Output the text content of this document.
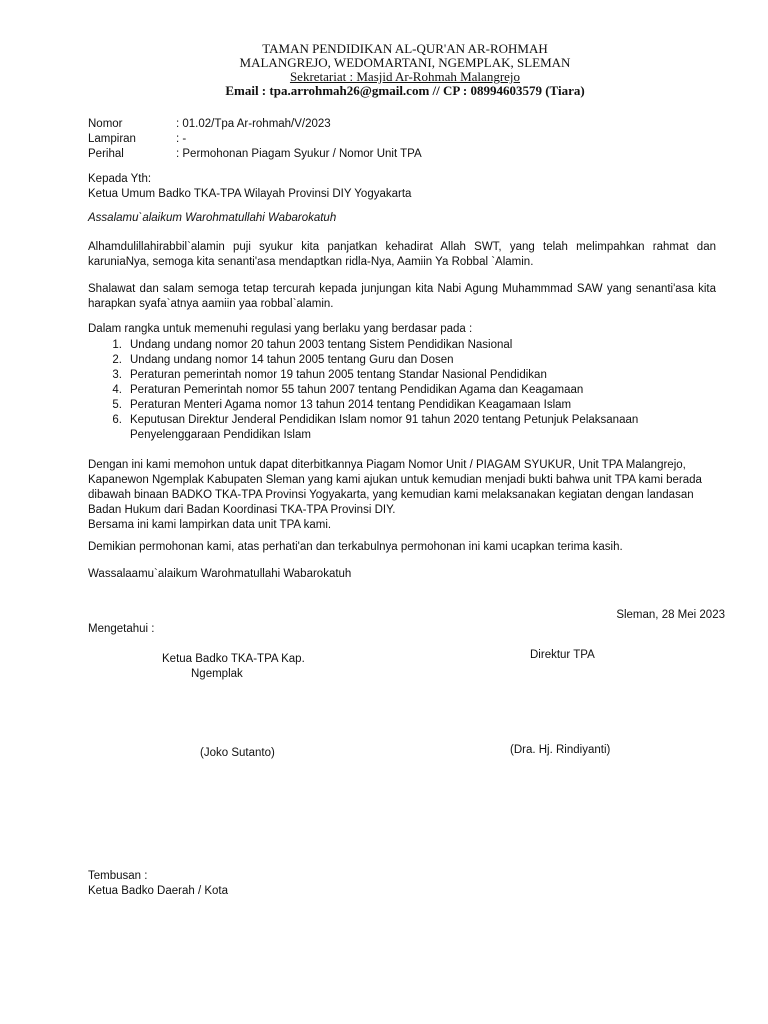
TAMAN PENDIDIKAN AL-QUR'AN AR-ROHMAH
MALANGREJO, WEDOMARTANI, NGEMPLAK, SLEMAN
Sekretariat : Masjid Ar-Rohmah Malangrejo
Email : tpa.arrohmah26@gmail.com // CP : 08994603579 (Tiara)
Nomor	: 01.02/Tpa Ar-rohmah/V/2023
Lampiran	: -
Perihal	: Permohonan Piagam Syukur / Nomor Unit TPA
Kepada Yth:
Ketua Umum Badko TKA-TPA Wilayah Provinsi DIY Yogyakarta
Assalamu`alaikum Warohmatullahi Wabarokatuh
Alhamdulillahirabbil`alamin puji syukur kita panjatkan kehadirat Allah SWT, yang telah melimpahkan rahmat dan karuniaNya, semoga kita senanti'asa mendaptkan ridla-Nya, Aamiin Ya Robbal `Alamin.
Shalawat dan salam semoga tetap tercurah kepada junjungan kita Nabi Agung Muhammmad SAW yang senanti'asa kita harapkan syafa`atnya aamiin yaa robbal`alamin.
Dalam rangka untuk memenuhi regulasi yang berlaku yang berdasar pada :
1. Undang undang nomor 20 tahun 2003 tentang Sistem Pendidikan Nasional
2. Undang undang nomor 14 tahun 2005 tentang Guru dan Dosen
3. Peraturan pemerintah nomor 19 tahun 2005 tentang Standar Nasional Pendidikan
4. Peraturan Pemerintah nomor 55 tahun 2007 tentang Pendidikan Agama dan Keagamaan
5. Peraturan Menteri Agama nomor 13 tahun 2014 tentang Pendidikan Keagamaan Islam
6. Keputusan Direktur Jenderal Pendidikan Islam nomor 91 tahun 2020 tentang Petunjuk Pelaksanaan Penyelenggaraan Pendidikan Islam
Dengan ini kami memohon untuk dapat diterbitkannya Piagam Nomor Unit / PIAGAM SYUKUR, Unit TPA Malangrejo, Kapanewon Ngemplak Kabupaten Sleman yang kami ajukan untuk kemudian menjadi bukti bahwa unit TPA kami berada dibawah binaan BADKO TKA-TPA Provinsi Yogyakarta, yang kemudian kami melaksanakan kegiatan dengan landasan Badan Hukum dari Badan Koordinasi TKA-TPA Provinsi DIY.
Bersama ini kami lampirkan data unit TPA kami.
Demikian permohonan kami, atas perhati'an dan terkabulnya permohonan ini kami ucapkan terima kasih.
Wassalaamu`alaikum Warohmatullahi Wabarokatuh
Sleman, 28 Mei 2023
Mengetahui :
Ketua Badko TKA-TPA Kap.
Ngemplak
Direktur TPA
(Joko Sutanto)	(Dra. Hj. Rindiyanti)
Tembusan :
Ketua Badko Daerah / Kota
